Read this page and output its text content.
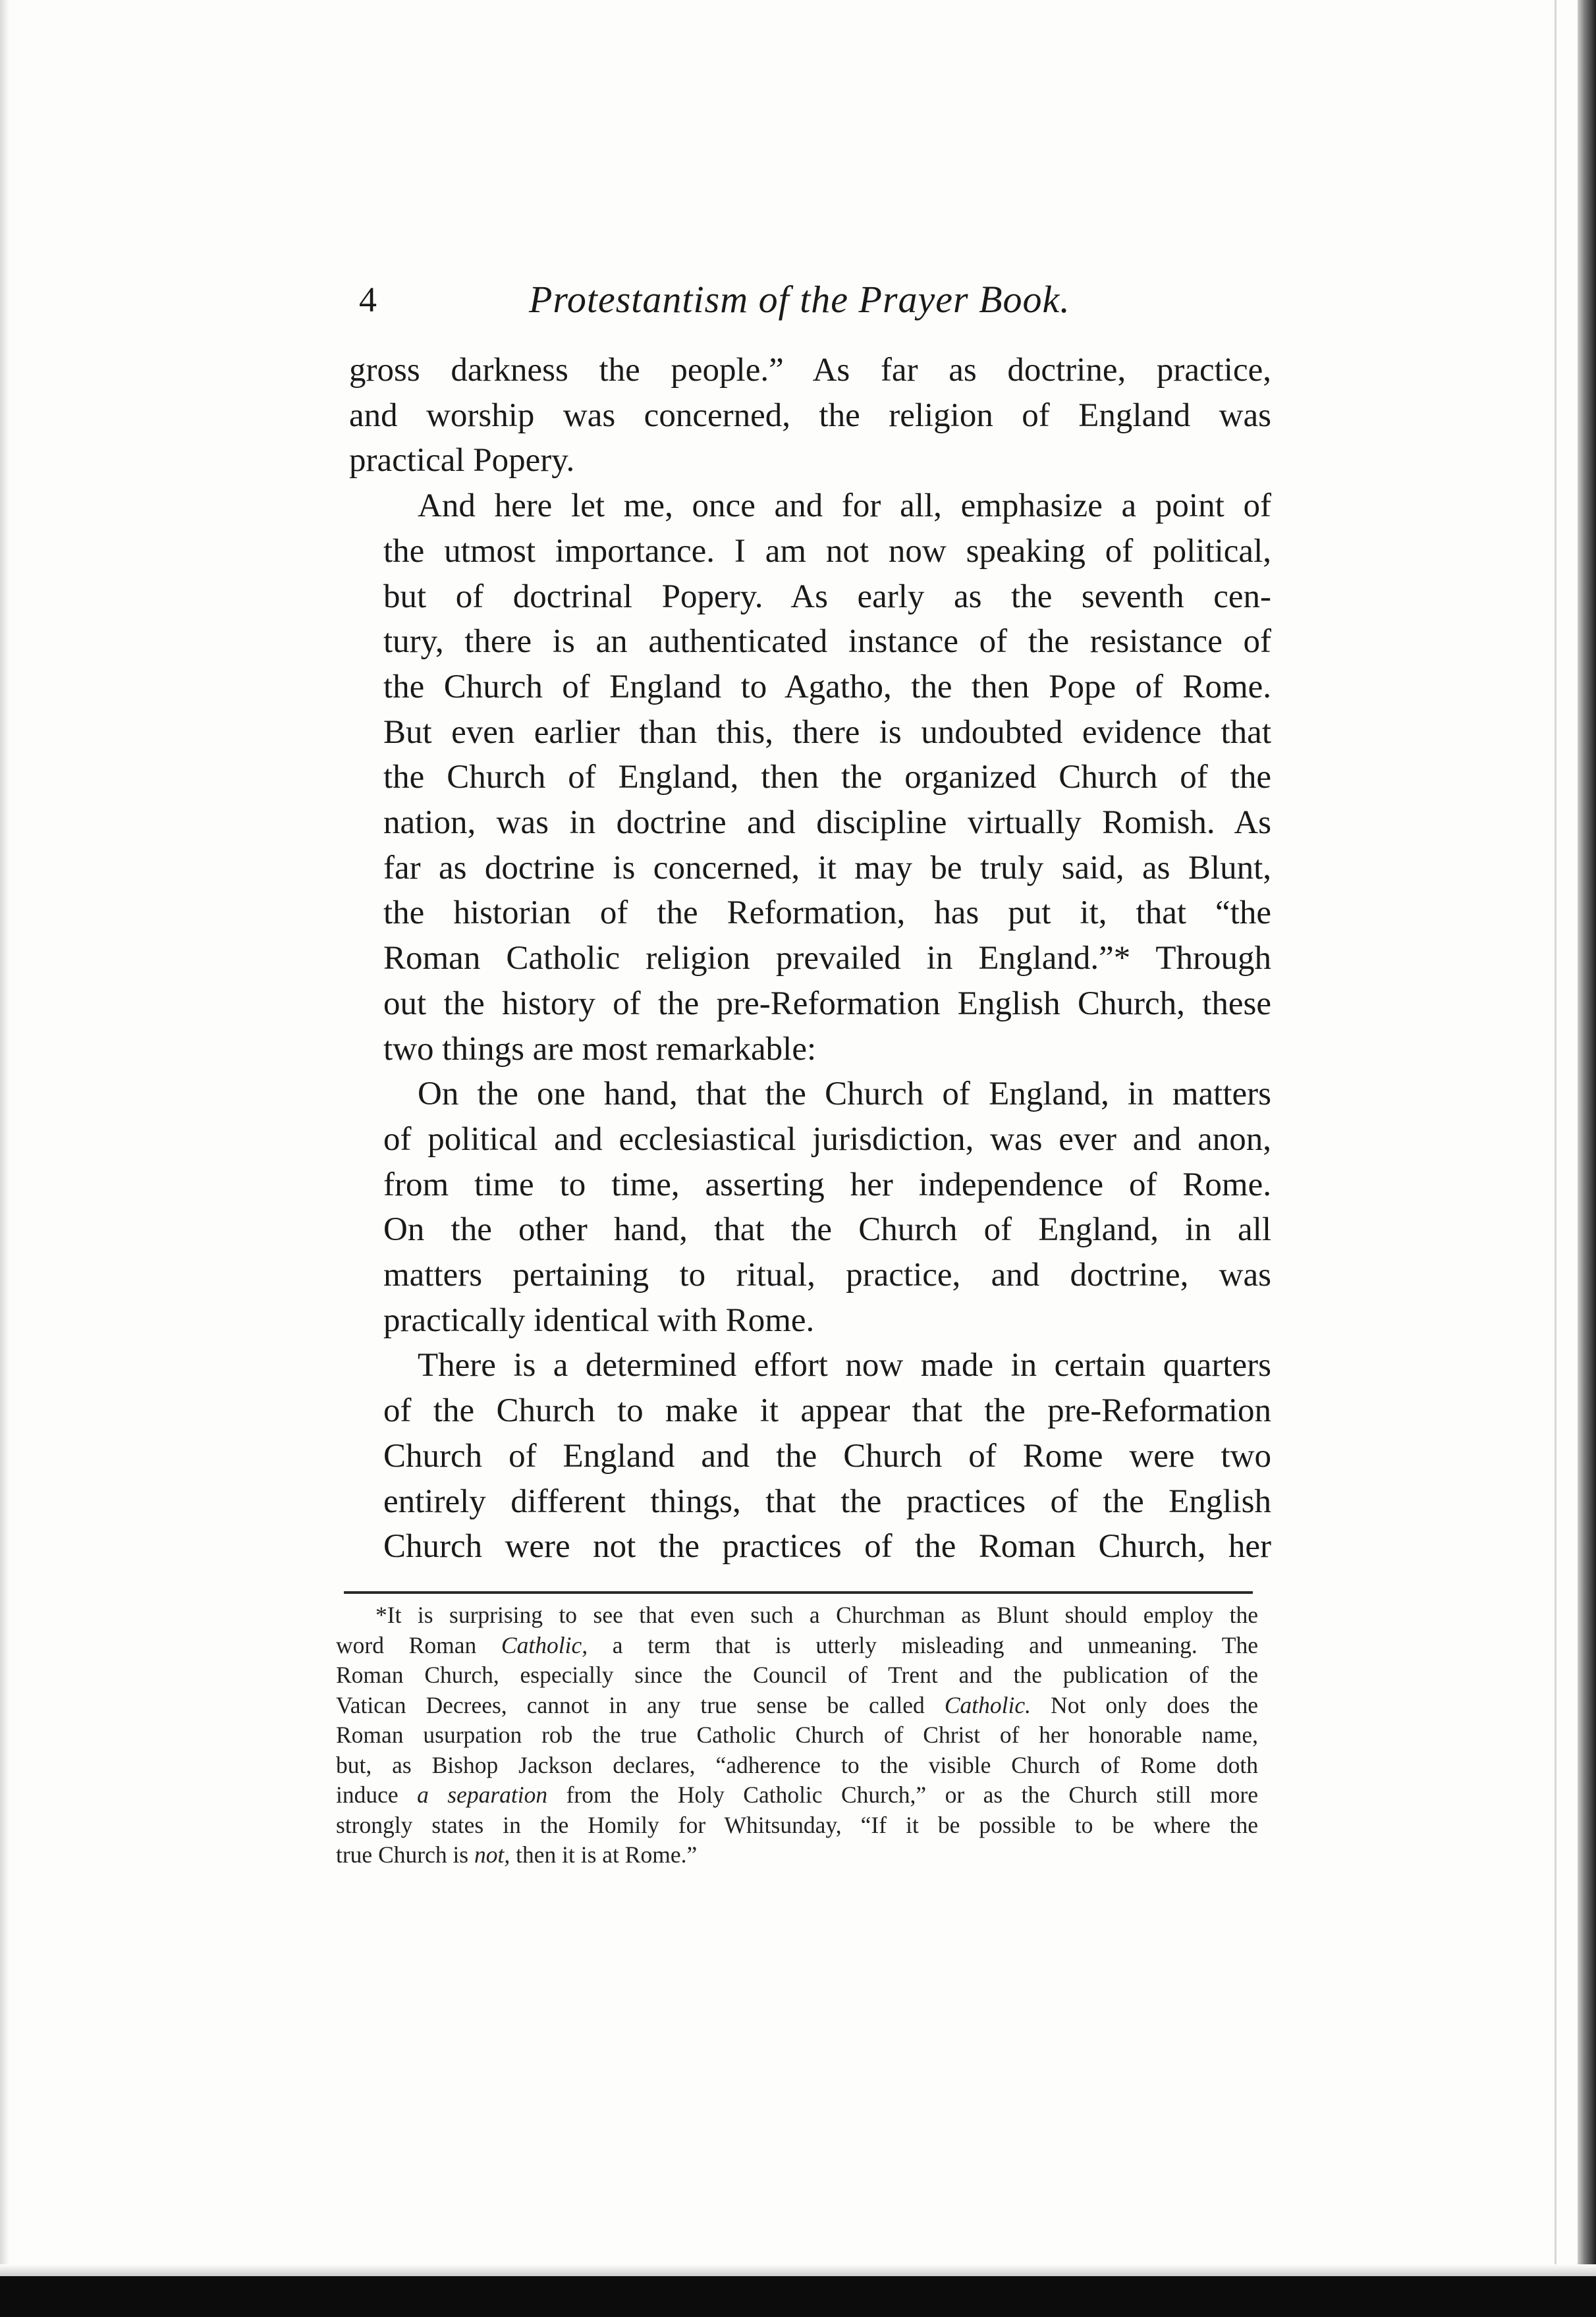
4	Protestantism of the Prayer Book.

gross darkness the people.” As far as doctrine, practice,
and worship was concerned, the religion of England was
practical Popery.

And here let me, once and for all, emphasize a point of
the utmost importance. I am not now speaking of political,
but of doctrinal Popery. As early as the seventh cen-
tury, there is an authenticated instance of the resistance of
the Church of England to Agatho, the then Pope of Rome.
But even earlier than this, there is undoubted evidence that
the Church of England, then the organized Church of the
nation, was in doctrine and discipline virtually Romish. As
far as doctrine is concerned, it may be truly said, as Blunt,
the historian of the Reformation, has put it, that “the
Roman Catholic religion prevailed in England.”* Through
out the history of the pre-Reformation English Church, these
two things are most remarkable:

On the one hand, that the Church of England, in matters
of political and ecclesiastical jurisdiction, was ever and anon,
from time to time, asserting her independence of Rome.
On the other hand, that the Church of England, in all
matters pertaining to ritual, practice, and doctrine, was
practically identical with Rome.

There is a determined effort now made in certain quarters
of the Church to make it appear that the pre-Reformation
Church of England and the Church of Rome were two
entirely different things, that the practices of the English
Church were not the practices of the Roman Church, her

*It is surprising to see that even such a Churchman as Blunt should employ the
word Roman Catholic, a term that is utterly misleading and unmeaning. The
Roman Church, especially since the Council of Trent and the publication of the
Vatican Decrees, cannot in any true sense be called Catholic. Not only does the
Roman usurpation rob the true Catholic Church of Christ of her honorable name,
but, as Bishop Jackson declares, “adherence to the visible Church of Rome doth
induce a separation from the Holy Catholic Church,” or as the Church still more
strongly states in the Homily for Whitsunday, “If it be possible to be where the
true Church is not, then it is at Rome.”
